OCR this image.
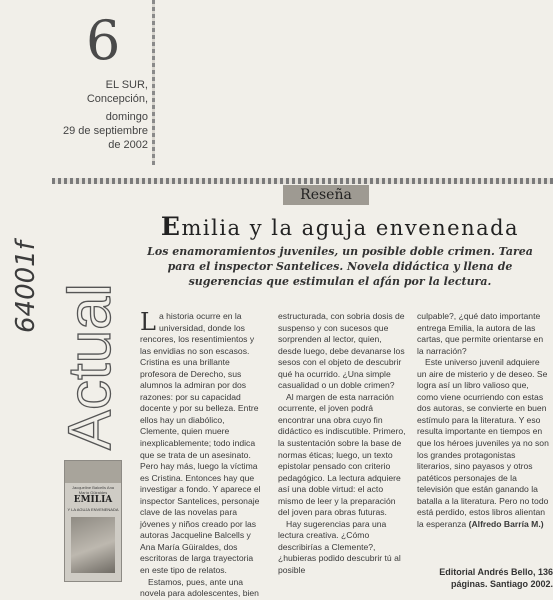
6
EL SUR,
Concepción,
domingo
29 de septiembre
de 2002
64001f Actual
Jacqueline Balcells Ana María Güiraldes
EMILIA
Y LA AGUJA ENVENENADA
Reseña
Emilia y la aguja envenenada
Los enamoramientos juveniles, un posible doble crimen. Tarea para el inspector Santelices. Novela didáctica y llena de sugerencias que estimulan el afán por la lectura.

La historia ocurre en la universidad, donde los rencores, los resentimientos y las envidias no son escasos. Cristina es una brillante profesora de Derecho, sus alumnos la admiran por dos razones: por su capacidad docente y por su belleza. Entre ellos hay un diabólico, Clemente, quien muere inexplicablemente; todo indica que se trata de un asesinato. Pero hay más, luego la víctima es Cristina. Entonces hay que investigar a fondo. Y aparece el inspector Santelices, personaje clave de las novelas para jóvenes y niños creado por las autoras Jacqueline Balcells y Ana María Güiraldes, dos escritoras de larga trayectoria en este tipo de relatos.

Estamos, pues, ante una novela para adolescentes, bien

estructurada, con sobria dosis de suspenso y con sucesos que sorprenden al lector, quien, desde luego, debe devanarse los sesos con el objeto de descubrir qué ha ocurrido. ¿Una simple casualidad o un doble crimen?

Al margen de esta narración ocurrente, el joven podrá encontrar una obra cuyo fin didáctico es indiscutible. Primero, la sustentación sobre la base de normas éticas; luego, un texto epistolar pensado con criterio pedagógico. La lectura adquiere así una doble virtud: el acto mismo de leer y la preparación del joven para obras futuras.

Hay sugerencias para una lectura creativa. ¿Cómo describirías a Clemente?, ¿hubieras podido descubrir tú al posible

culpable?, ¿qué dato importante entrega Emilia, la autora de las cartas, que permite orientarse en la narración?

Este universo juvenil adquiere un aire de misterio y de deseo. Se logra así un libro valioso que, como viene ocurriendo con estas dos autoras, se convierte en buen estímulo para la literatura. Y eso resulta importante en tiempos en que los héroes juveniles ya no son los grandes protagonistas literarios, sino payasos y otros patéticos personajes de la televisión que están ganando la batalla a la literatura. Pero no todo está perdido, estos libros alientan la esperanza (Alfredo Barría M.)

Editorial Andrés Bello, 136 páginas. Santiago 2002.
